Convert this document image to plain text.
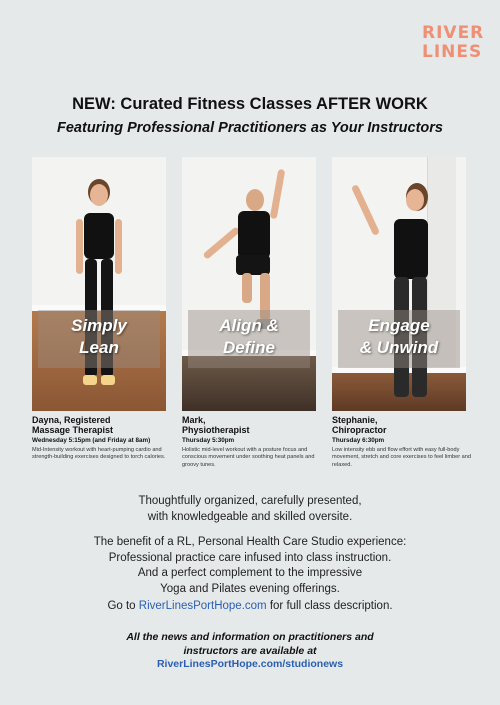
RIVER
LINES
NEW: Curated Fitness Classes AFTER WORK
Featuring Professional Practitioners as Your Instructors
Simply
Lean
Align &
Define
Engage
& Unwind
Dayna, Registered
Massage Therapist
Wednesday 5:15pm (and Friday at 8am)
Mid-Intensity workout with heart-pumping cardio and strength-building exercises designed to torch calories.
Mark,
Physiotherapist
Thursday 5:30pm
Holistic mid-level workout with a posture focus and conscious movement under soothing heat panels and groovy tunes.
Stephanie,
Chiropractor
Thursday 6:30pm
Low intensity ebb and flow effort with easy full-body movement, stretch and core exercises to feel limber and relaxed.
Thoughtfully organized, carefully presented,
with knowledgeable and skilled oversite.
The benefit of a RL, Personal Health Care Studio experience:
Professional practice care infused into class instruction.
And a perfect complement to the impressive
Yoga and Pilates evening offerings.
Go to RiverLinesPortHope.com for full class description.
All the news and information on practitioners and
instructors are available at
RiverLinesPortHope.com/studionews
